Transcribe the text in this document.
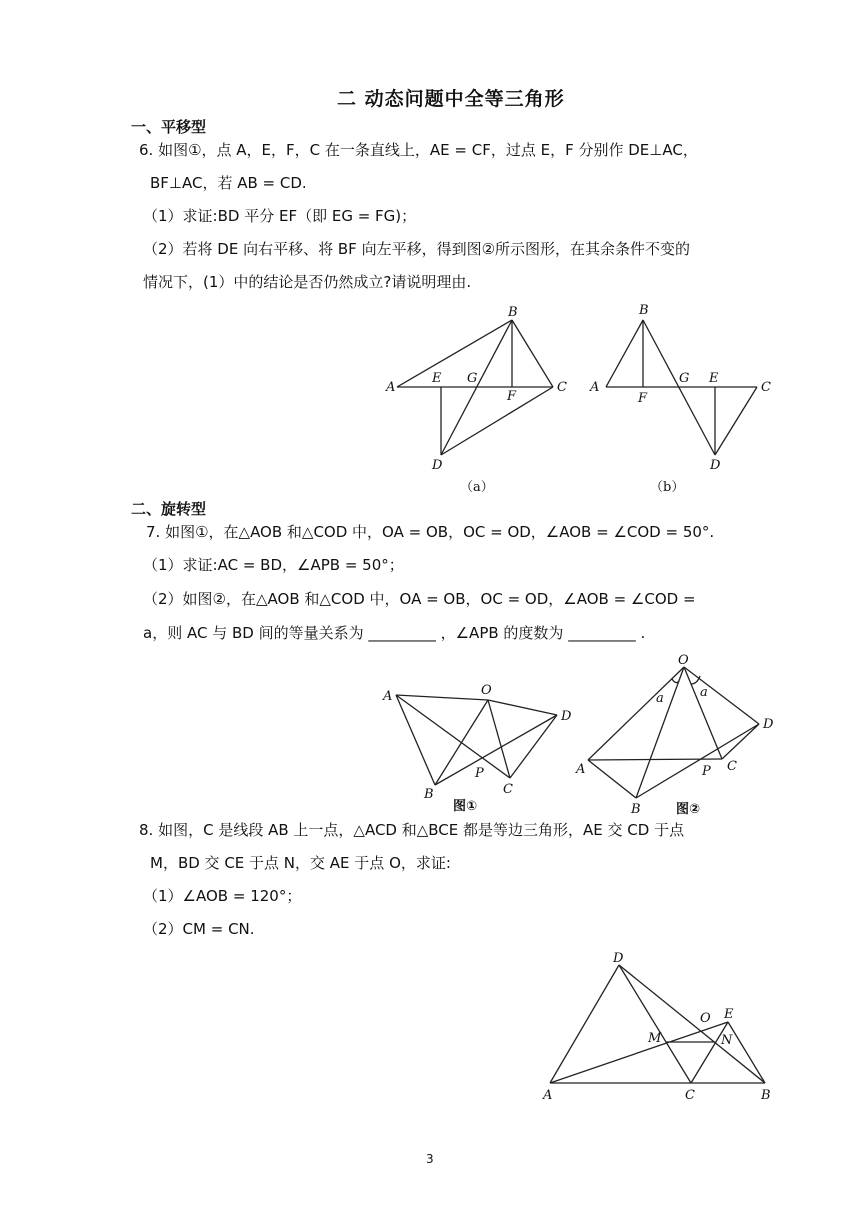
二 动态问题中全等三角形
一、平移型
6. 如图①，点 A，E，F，C 在一条直线上，AE = CF，过点 E，F 分别作 DE⊥AC，
BF⊥AC，若 AB = CD.
（1）求证:BD 平分 EF（即 EG = FG)；
（2）若将 DE 向右平移、将 BF 向左平移，得到图②所示图形，在其余条件不变的
情况下，(1）中的结论是否仍然成立?请说明理由.
A
E G
B
F
C
D
（a）
A
B
F
G E
C
D
（b）
二、旋转型
7. 如图①，在△AOB 和△COD 中，OA = OB，OC = OD，∠AOB = ∠COD = 50°.
（1）求证:AC = BD，∠APB = 50°；
（2）如图②，在△AOB 和△COD 中，OA = OB，OC = OD，∠AOB = ∠COD =
a，则 AC 与 BD 间的等量关系为 _________ ，∠APB 的度数为 _________ .
A	O
D
P
B	C
图①
O
a	a
D
A	P C
B	图②
8. 如图，C 是线段 AB 上一点，△ACD 和△BCE 都是等边三角形，AE 交 CD 于点
M，BD 交 CE 于点 N，交 AE 于点 O，求证:
（1）∠AOB = 120°；
（2）CM = CN.
D
O E
M	N
A	C	B
3
